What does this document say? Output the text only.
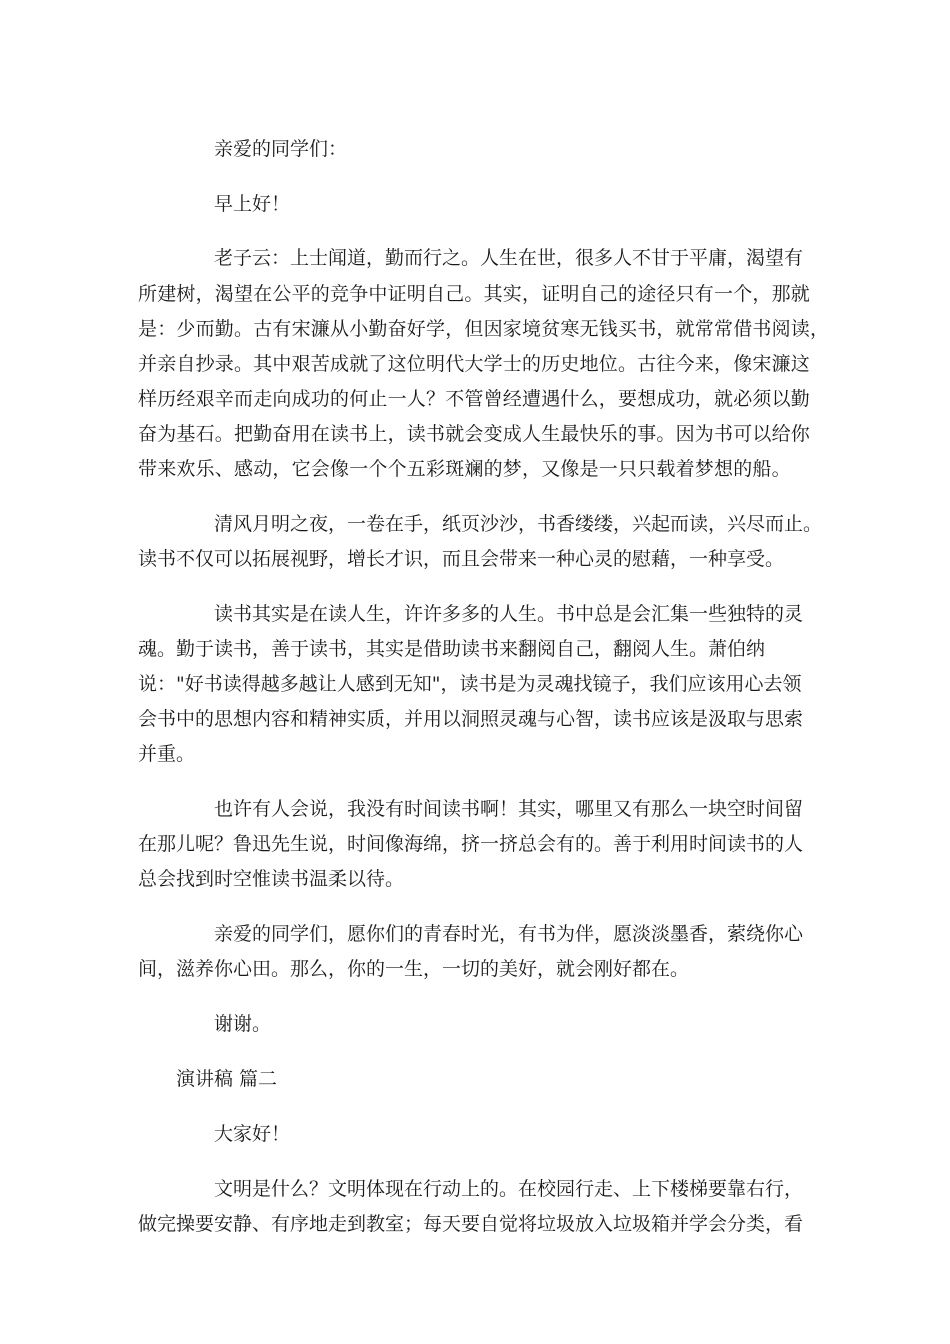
亲爱的同学们：
早上好！
老子云：上士闻道，勤而行之。人生在世，很多人不甘于平庸，渴望有
所建树，渴望在公平的竞争中证明自己。其实，证明自己的途径只有一个，那就
是：少而勤。古有宋濂从小勤奋好学，但因家境贫寒无钱买书，就常常借书阅读，
并亲自抄录。其中艰苦成就了这位明代大学士的历史地位。古往今来，像宋濂这
样历经艰辛而走向成功的何止一人？不管曾经遭遇什么，要想成功，就必须以勤
奋为基石。把勤奋用在读书上，读书就会变成人生最快乐的事。因为书可以给你
带来欢乐、感动，它会像一个个五彩斑斓的梦，又像是一只只载着梦想的船。
清风月明之夜，一卷在手，纸页沙沙，书香缕缕，兴起而读，兴尽而止。
读书不仅可以拓展视野，增长才识，而且会带来一种心灵的慰藉，一种享受。
读书其实是在读人生，许许多多的人生。书中总是会汇集一些独特的灵
魂。勤于读书，善于读书，其实是借助读书来翻阅自己，翻阅人生。萧伯纳
说："好书读得越多越让人感到无知"，读书是为灵魂找镜子，我们应该用心去领
会书中的思想内容和精神实质，并用以洞照灵魂与心智，读书应该是汲取与思索
并重。
也许有人会说，我没有时间读书啊！其实，哪里又有那么一块空时间留
在那儿呢？鲁迅先生说，时间像海绵，挤一挤总会有的。善于利用时间读书的人
总会找到时空惟读书温柔以待。
亲爱的同学们，愿你们的青春时光，有书为伴，愿淡淡墨香，萦绕你心
间，滋养你心田。那么，你的一生，一切的美好，就会刚好都在。
谢谢。
演讲稿 篇二
大家好！
文明是什么？文明体现在行动上的。在校园行走、上下楼梯要靠右行，
做完操要安静、有序地走到教室；每天要自觉将垃圾放入垃圾箱并学会分类，看
